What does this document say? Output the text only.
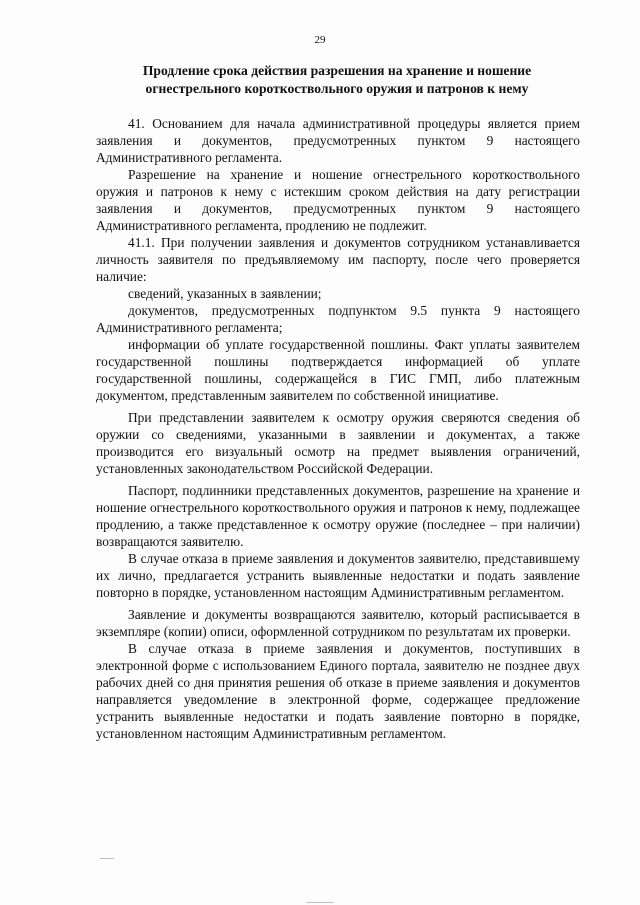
29
Продление срока действия разрешения на хранение и ношение огнестрельного короткоствольного оружия и патронов к нему

41. Основанием для начала административной процедуры является прием заявления и документов, предусмотренных пунктом 9 настоящего Административного регламента.

Разрешение на хранение и ношение огнестрельного короткоствольного оружия и патронов к нему с истекшим сроком действия на дату регистрации заявления и документов, предусмотренных пунктом 9 настоящего Административного регламента, продлению не подлежит.

41.1. При получении заявления и документов сотрудником устанавливается личность заявителя по предъявляемому им паспорту, после чего проверяется наличие:

сведений, указанных в заявлении;

документов, предусмотренных подпунктом 9.5 пункта 9 настоящего Административного регламента;

информации об уплате государственной пошлины. Факт уплаты заявителем государственной пошлины подтверждается информацией об уплате государственной пошлины, содержащейся в ГИС ГМП, либо платежным документом, представленным заявителем по собственной инициативе.

При представлении заявителем к осмотру оружия сверяются сведения об оружии со сведениями, указанными в заявлении и документах, а также производится его визуальный осмотр на предмет выявления ограничений, установленных законодательством Российской Федерации.

Паспорт, подлинники представленных документов, разрешение на хранение и ношение огнестрельного короткоствольного оружия и патронов к нему, подлежащее продлению, а также представленное к осмотру оружие (последнее – при наличии) возвращаются заявителю.

В случае отказа в приеме заявления и документов заявителю, представившему их лично, предлагается устранить выявленные недостатки и подать заявление повторно в порядке, установленном настоящим Административным регламентом.

Заявление и документы возвращаются заявителю, который расписывается в экземпляре (копии) описи, оформленной сотрудником по результатам их проверки.

В случае отказа в приеме заявления и документов, поступивших в электронной форме с использованием Единого портала, заявителю не позднее двух рабочих дней со дня принятия решения об отказе в приеме заявления и документов направляется уведомление в электронной форме, содержащее предложение устранить выявленные недостатки и подать заявление повторно в порядке, установленном настоящим Административным регламентом.
